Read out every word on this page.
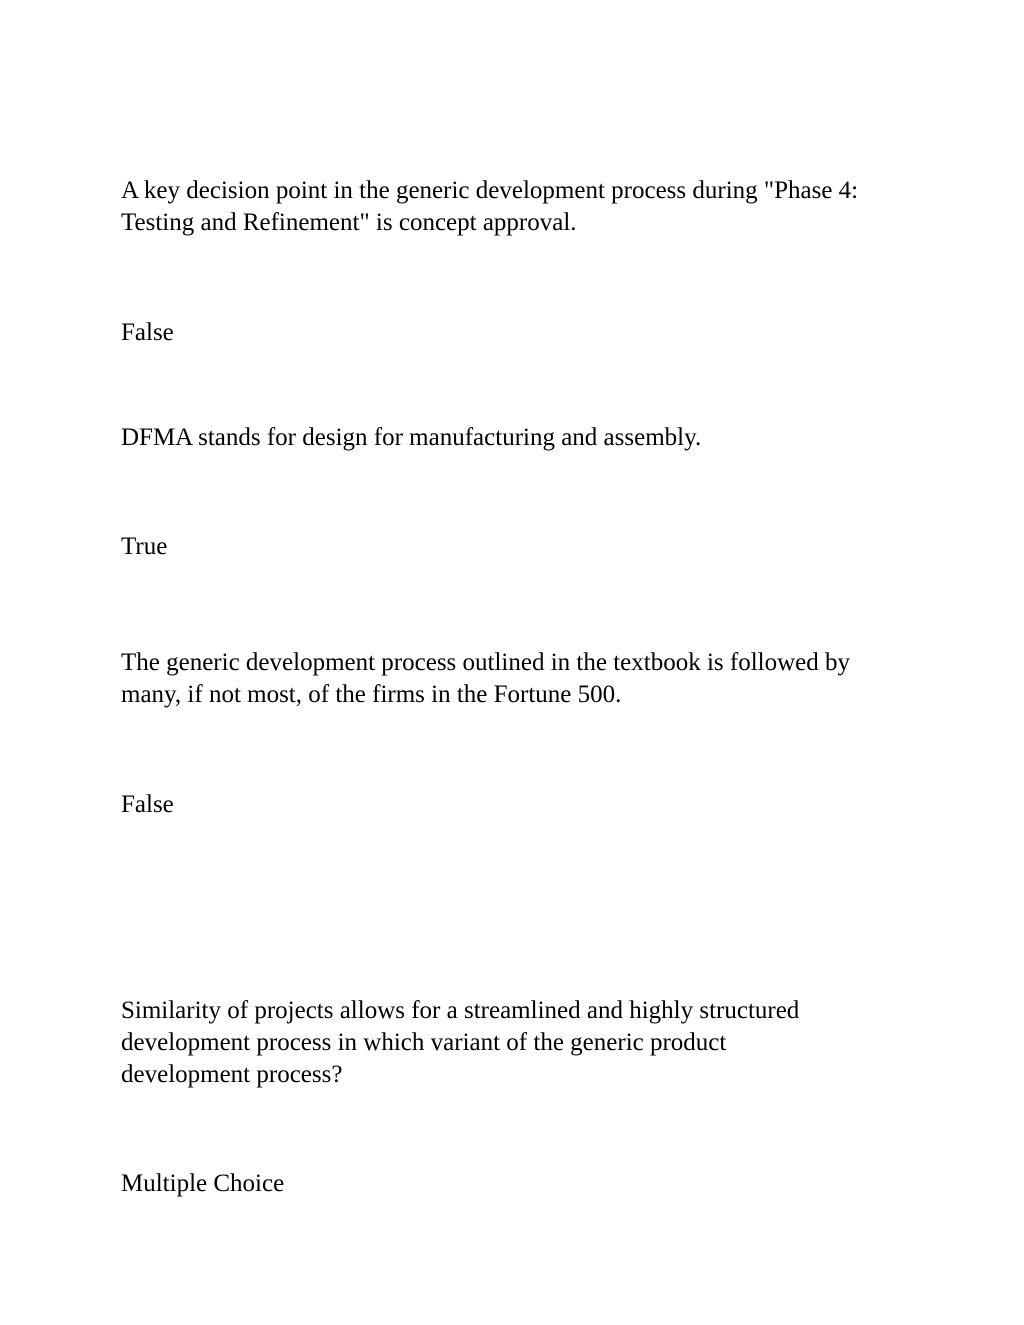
A key decision point in the generic development process during "Phase 4: Testing and Refinement" is concept approval.

False

DFMA stands for design for manufacturing and assembly.

True

The generic development process outlined in the textbook is followed by many, if not most, of the firms in the Fortune 500.

False

Similarity of projects allows for a streamlined and highly structured development process in which variant of the generic product development process?

Multiple Choice
